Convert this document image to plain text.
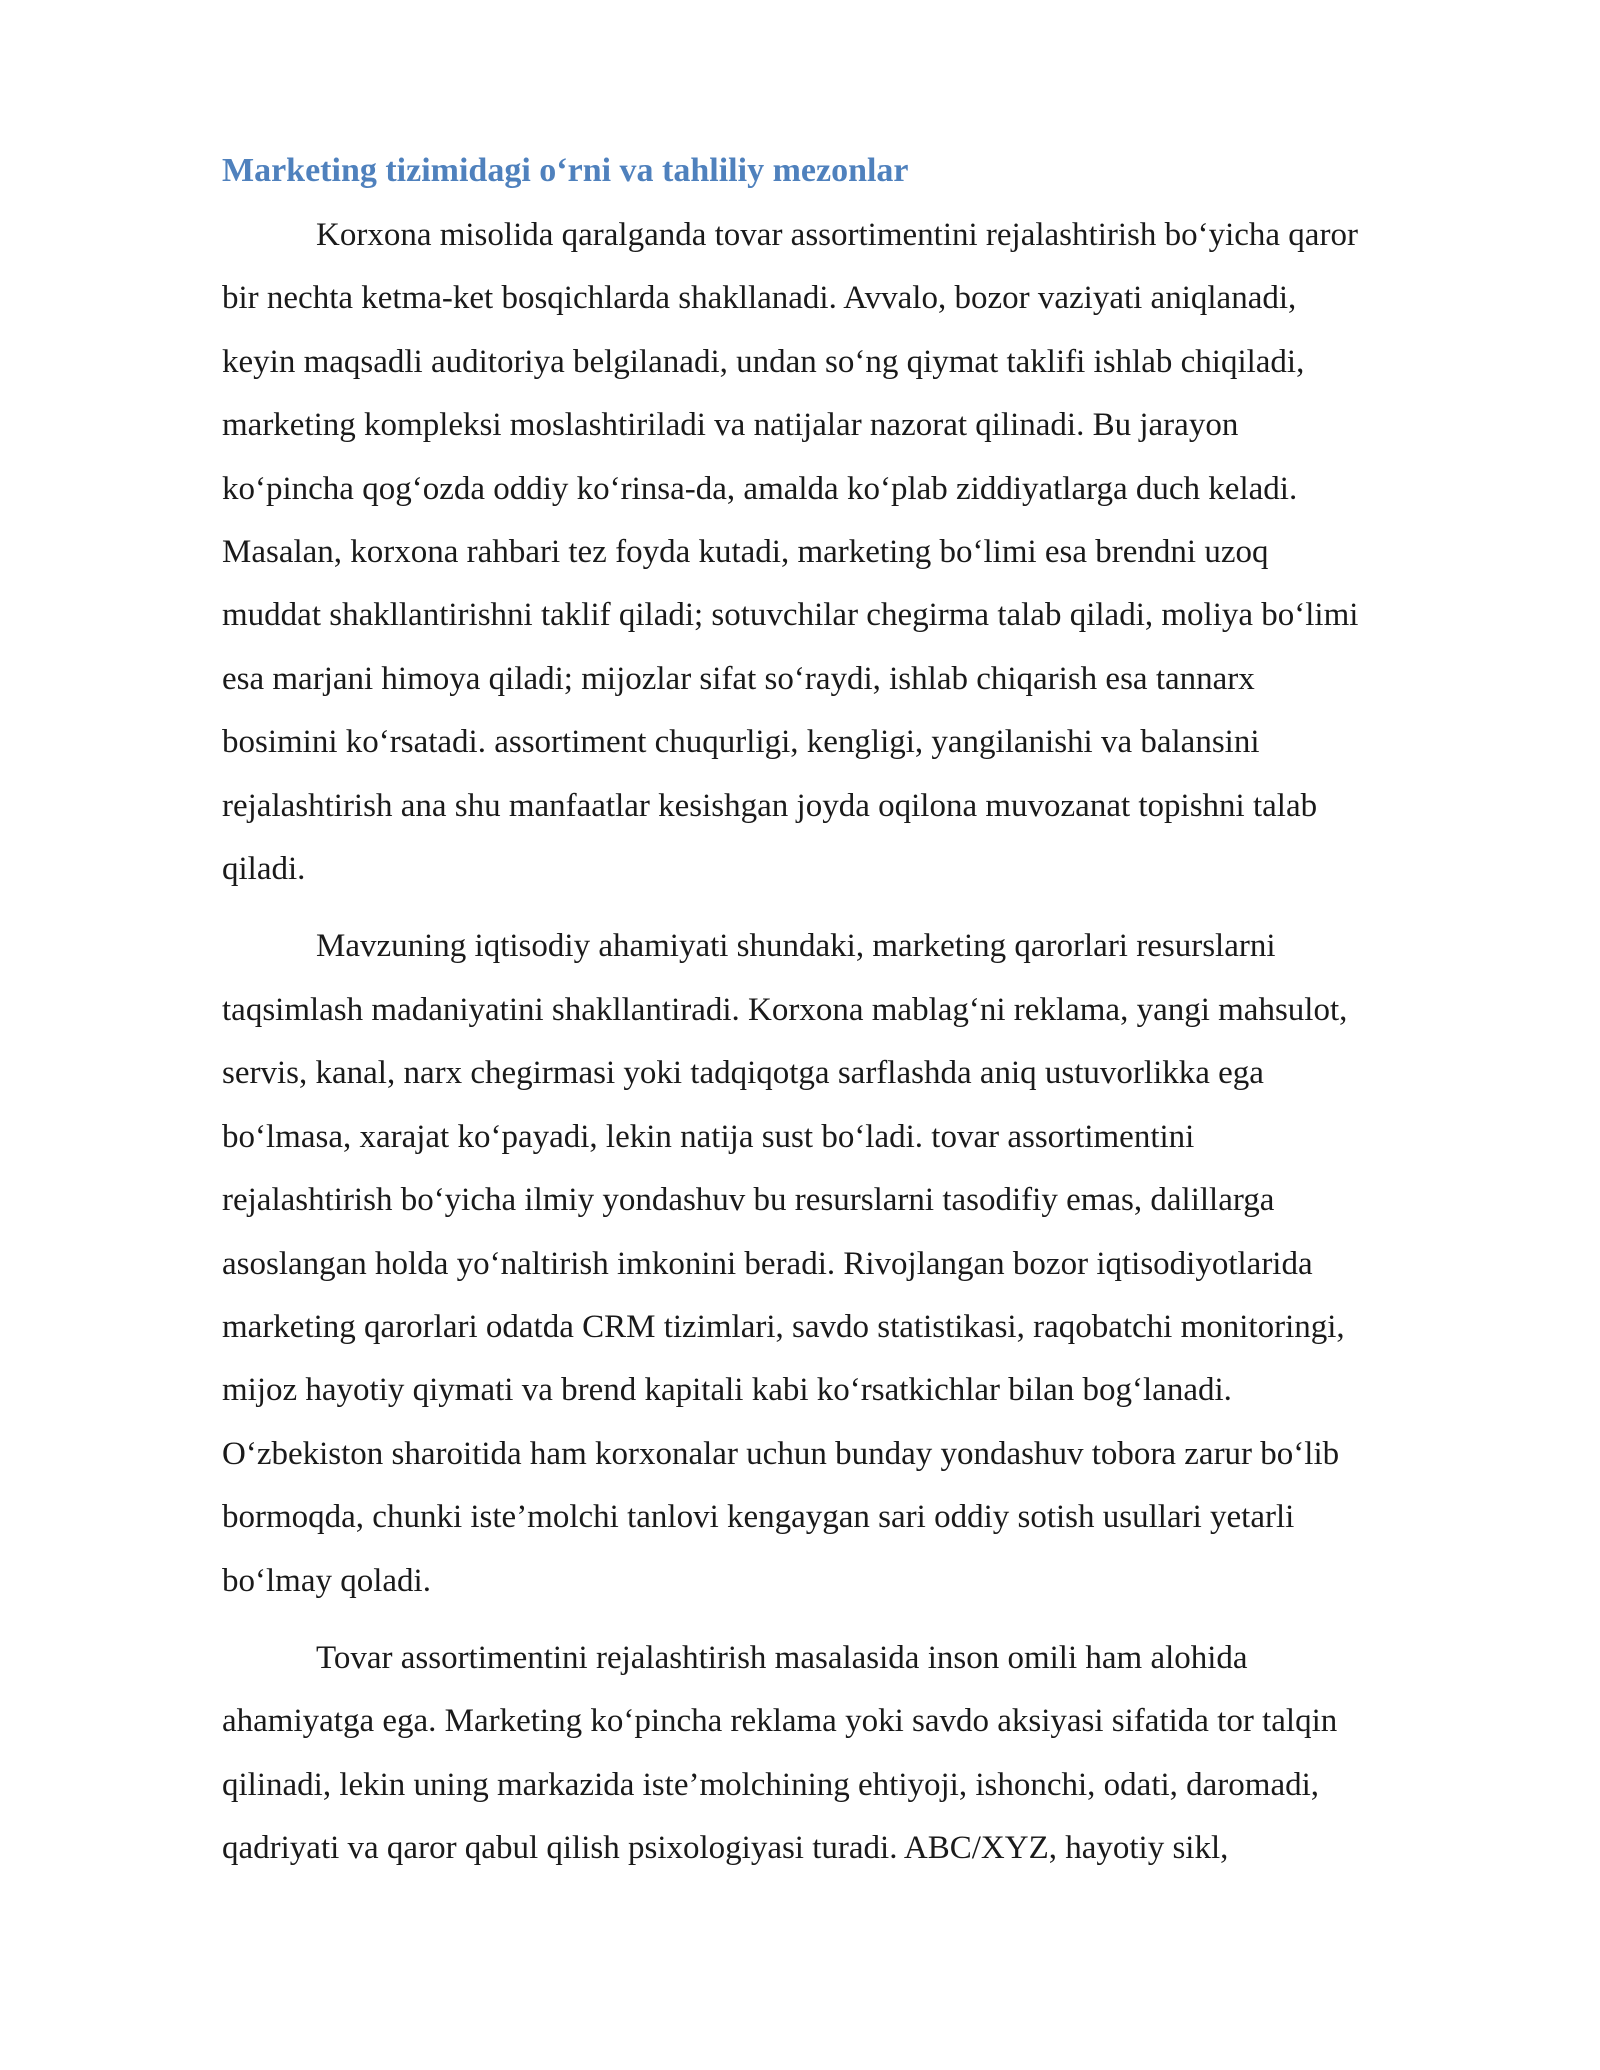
Marketing tizimidagi oʻrni va tahliliy mezonlar

Korxona misolida qaralganda tovar assortimentini rejalashtirish boʻyicha qaror
bir nechta ketma-ket bosqichlarda shakllanadi. Avvalo, bozor vaziyati aniqlanadi,
keyin maqsadli auditoriya belgilanadi, undan soʻng qiymat taklifi ishlab chiqiladi,
marketing kompleksi moslashtiriladi va natijalar nazorat qilinadi. Bu jarayon
koʻpincha qogʻozda oddiy koʻrinsa-da, amalda koʻplab ziddiyatlarga duch keladi.
Masalan, korxona rahbari tez foyda kutadi, marketing boʻlimi esa brendni uzoq
muddat shakllantirishni taklif qiladi; sotuvchilar chegirma talab qiladi, moliya boʻlimi
esa marjani himoya qiladi; mijozlar sifat soʻraydi, ishlab chiqarish esa tannarx
bosimini koʻrsatadi. assortiment chuqurligi, kengligi, yangilanishi va balansini
rejalashtirish ana shu manfaatlar kesishgan joyda oqilona muvozanat topishni talab
qiladi.

Mavzuning iqtisodiy ahamiyati shundaki, marketing qarorlari resurslarni
taqsimlash madaniyatini shakllantiradi. Korxona mablagʻni reklama, yangi mahsulot,
servis, kanal, narx chegirmasi yoki tadqiqotga sarflashda aniq ustuvorlikka ega
boʻlmasa, xarajat koʻpayadi, lekin natija sust boʻladi. tovar assortimentini
rejalashtirish boʻyicha ilmiy yondashuv bu resurslarni tasodifiy emas, dalillarga
asoslangan holda yoʻnaltirish imkonini beradi. Rivojlangan bozor iqtisodiyotlarida
marketing qarorlari odatda CRM tizimlari, savdo statistikasi, raqobatchi monitoringi,
mijoz hayotiy qiymati va brend kapitali kabi koʻrsatkichlar bilan bogʻlanadi.
Oʻzbekiston sharoitida ham korxonalar uchun bunday yondashuv tobora zarur boʻlib
bormoqda, chunki iste’molchi tanlovi kengaygan sari oddiy sotish usullari yetarli
boʻlmay qoladi.

Tovar assortimentini rejalashtirish masalasida inson omili ham alohida
ahamiyatga ega. Marketing koʻpincha reklama yoki savdo aksiyasi sifatida tor talqin
qilinadi, lekin uning markazida iste’molchining ehtiyoji, ishonchi, odati, daromadi,
qadriyati va qaror qabul qilish psixologiyasi turadi. ABC/XYZ, hayotiy sikl,
